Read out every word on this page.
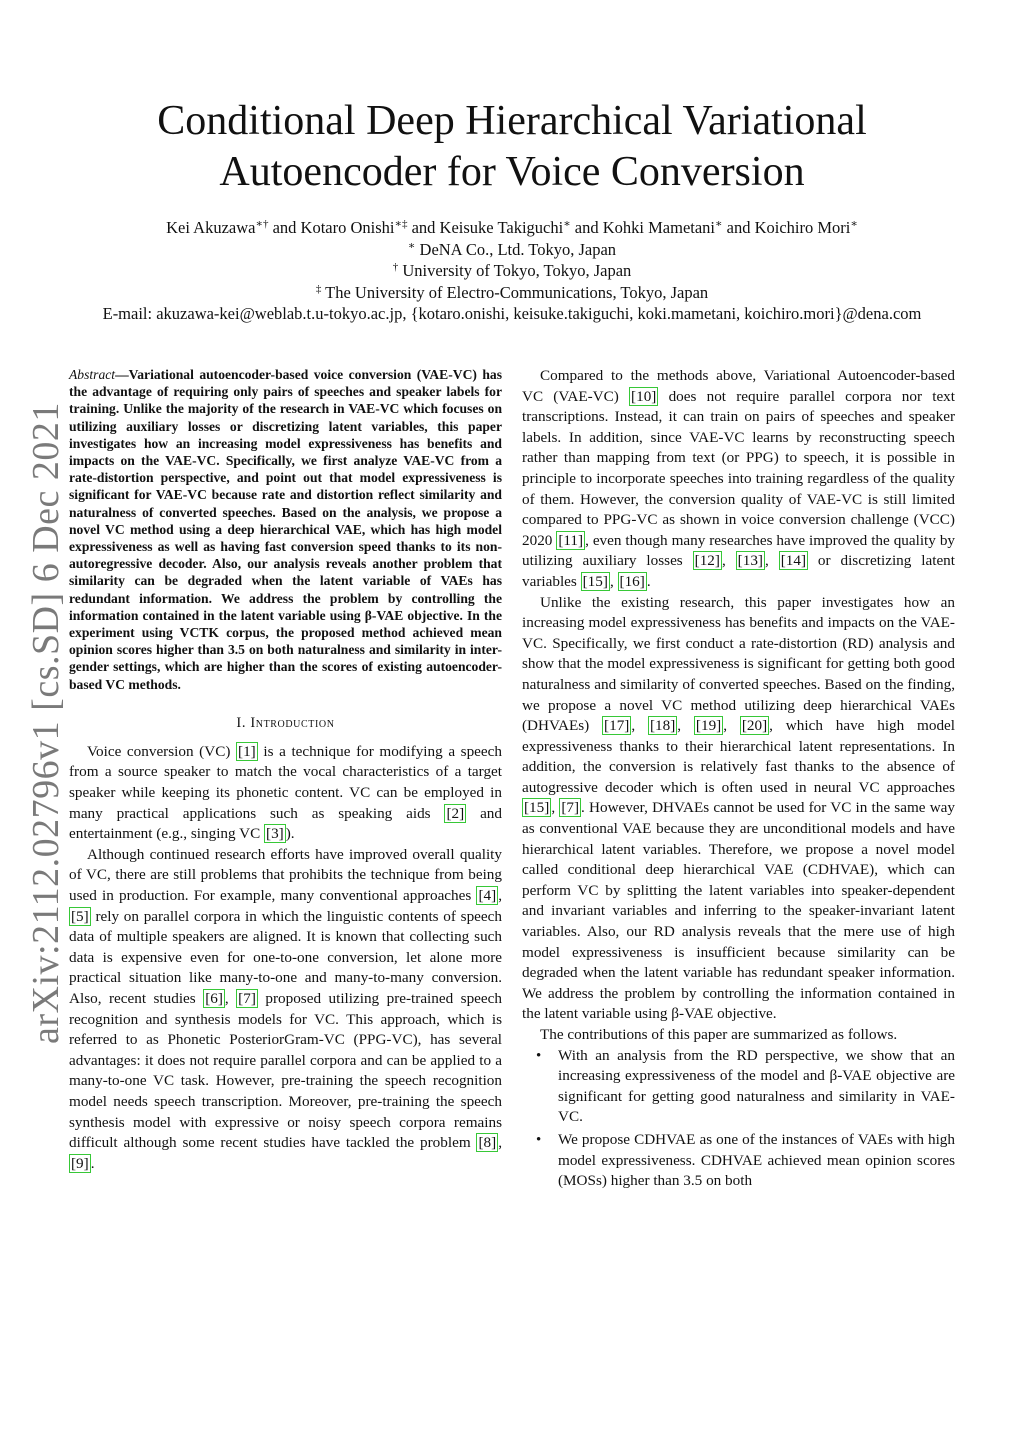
arXiv:2112.02796v1 [cs.SD] 6 Dec 2021
Conditional Deep Hierarchical Variational
Autoencoder for Voice Conversion
Kei Akuzawa∗† and Kotaro Onishi∗‡ and Keisuke Takiguchi∗ and Kohki Mametani∗ and Koichiro Mori∗
∗ DeNA Co., Ltd. Tokyo, Japan
† University of Tokyo, Tokyo, Japan
‡ The University of Electro-Communications, Tokyo, Japan
E-mail: akuzawa-kei@weblab.t.u-tokyo.ac.jp, {kotaro.onishi, keisuke.takiguchi, koki.mametani, koichiro.mori}@dena.com
Abstract—Variational autoencoder-based voice conversion (VAE-VC) has the advantage of requiring only pairs of speeches and speaker labels for training. Unlike the majority of the research in VAE-VC which focuses on utilizing auxiliary losses or discretizing latent variables, this paper investigates how an increasing model expressiveness has benefits and impacts on the VAE-VC. Specifically, we first analyze VAE-VC from a rate-distortion perspective, and point out that model expressiveness is significant for VAE-VC because rate and distortion reflect similarity and naturalness of converted speeches. Based on the analysis, we propose a novel VC method using a deep hierarchical VAE, which has high model expressiveness as well as having fast conversion speed thanks to its non-autoregressive decoder. Also, our analysis reveals another problem that similarity can be degraded when the latent variable of VAEs has redundant information. We address the problem by controlling the information contained in the latent variable using β-VAE objective. In the experiment using VCTK corpus, the proposed method achieved mean opinion scores higher than 3.5 on both naturalness and similarity in inter-gender settings, which are higher than the scores of existing autoencoder-based VC methods.
I. Introduction

Voice conversion (VC) [1] is a technique for modifying a speech from a source speaker to match the vocal characteristics of a target speaker while keeping its phonetic content. VC can be employed in many practical applications such as speaking aids [2] and entertainment (e.g., singing VC [3] ).

Although continued research efforts have improved overall quality of VC, there are still problems that prohibits the technique from being used in production. For example, many conventional approaches [4] , [5] rely on parallel corpora in which the linguistic contents of speech data of multiple speakers are aligned. It is known that collecting such data is expensive even for one-to-one conversion, let alone more practical situation like many-to-one and many-to-many conversion. Also, recent studies [6] , [7] proposed utilizing pre-trained speech recognition and synthesis models for VC. This approach, which is referred to as Phonetic PosteriorGram-VC (PPG-VC), has several advantages: it does not require parallel corpora and can be applied to a many-to-one VC task. However, pre-training the speech recognition model needs speech transcription. Moreover, pre-training the speech synthesis model with expressive or noisy speech corpora remains difficult although some recent studies have tackled the problem [8] , [9] .

Compared to the methods above, Variational Autoencoder-based VC (VAE-VC) [10] does not require parallel corpora nor text transcriptions. Instead, it can train on pairs of speeches and speaker labels. In addition, since VAE-VC learns by reconstructing speech rather than mapping from text (or PPG) to speech, it is possible in principle to incorporate speeches into training regardless of the quality of them. However, the conversion quality of VAE-VC is still limited compared to PPG-VC as shown in voice conversion challenge (VCC) 2020 [11] , even though many researches have improved the quality by utilizing auxiliary losses [12] , [13] , [14] or discretizing latent variables [15] , [16] .

Unlike the existing research, this paper investigates how an increasing model expressiveness has benefits and impacts on the VAE-VC. Specifically, we first conduct a rate-distortion (RD) analysis and show that the model expressiveness is significant for getting both good naturalness and similarity of converted speeches. Based on the finding, we propose a novel VC method utilizing deep hierarchical VAEs (DHVAEs) [17] , [18] , [19] , [20] , which have high model expressiveness thanks to their hierarchical latent representations. In addition, the conversion is relatively fast thanks to the absence of autogressive decoder which is often used in neural VC approaches [15] , [7] . However, DHVAEs cannot be used for VC in the same way as conventional VAE because they are unconditional models and have hierarchical latent variables. Therefore, we propose a novel model called conditional deep hierarchical VAE (CDHVAE), which can perform VC by splitting the latent variables into speaker-dependent and invariant variables and inferring to the speaker-invariant latent variables. Also, our RD analysis reveals that the mere use of high model expressiveness is insufficient because similarity can be degraded when the latent variable has redundant speaker information. We address the problem by controlling the information contained in the latent variable using β-VAE objective.

The contributions of this paper are summarized as follows.

• With an analysis from the RD perspective, we show that an increasing expressiveness of the model and β-VAE objective are significant for getting good naturalness and similarity in VAE-VC.
• We propose CDHVAE as one of the instances of VAEs with high model expressiveness. CDHVAE achieved mean opinion scores (MOSs) higher than 3.5 on both
